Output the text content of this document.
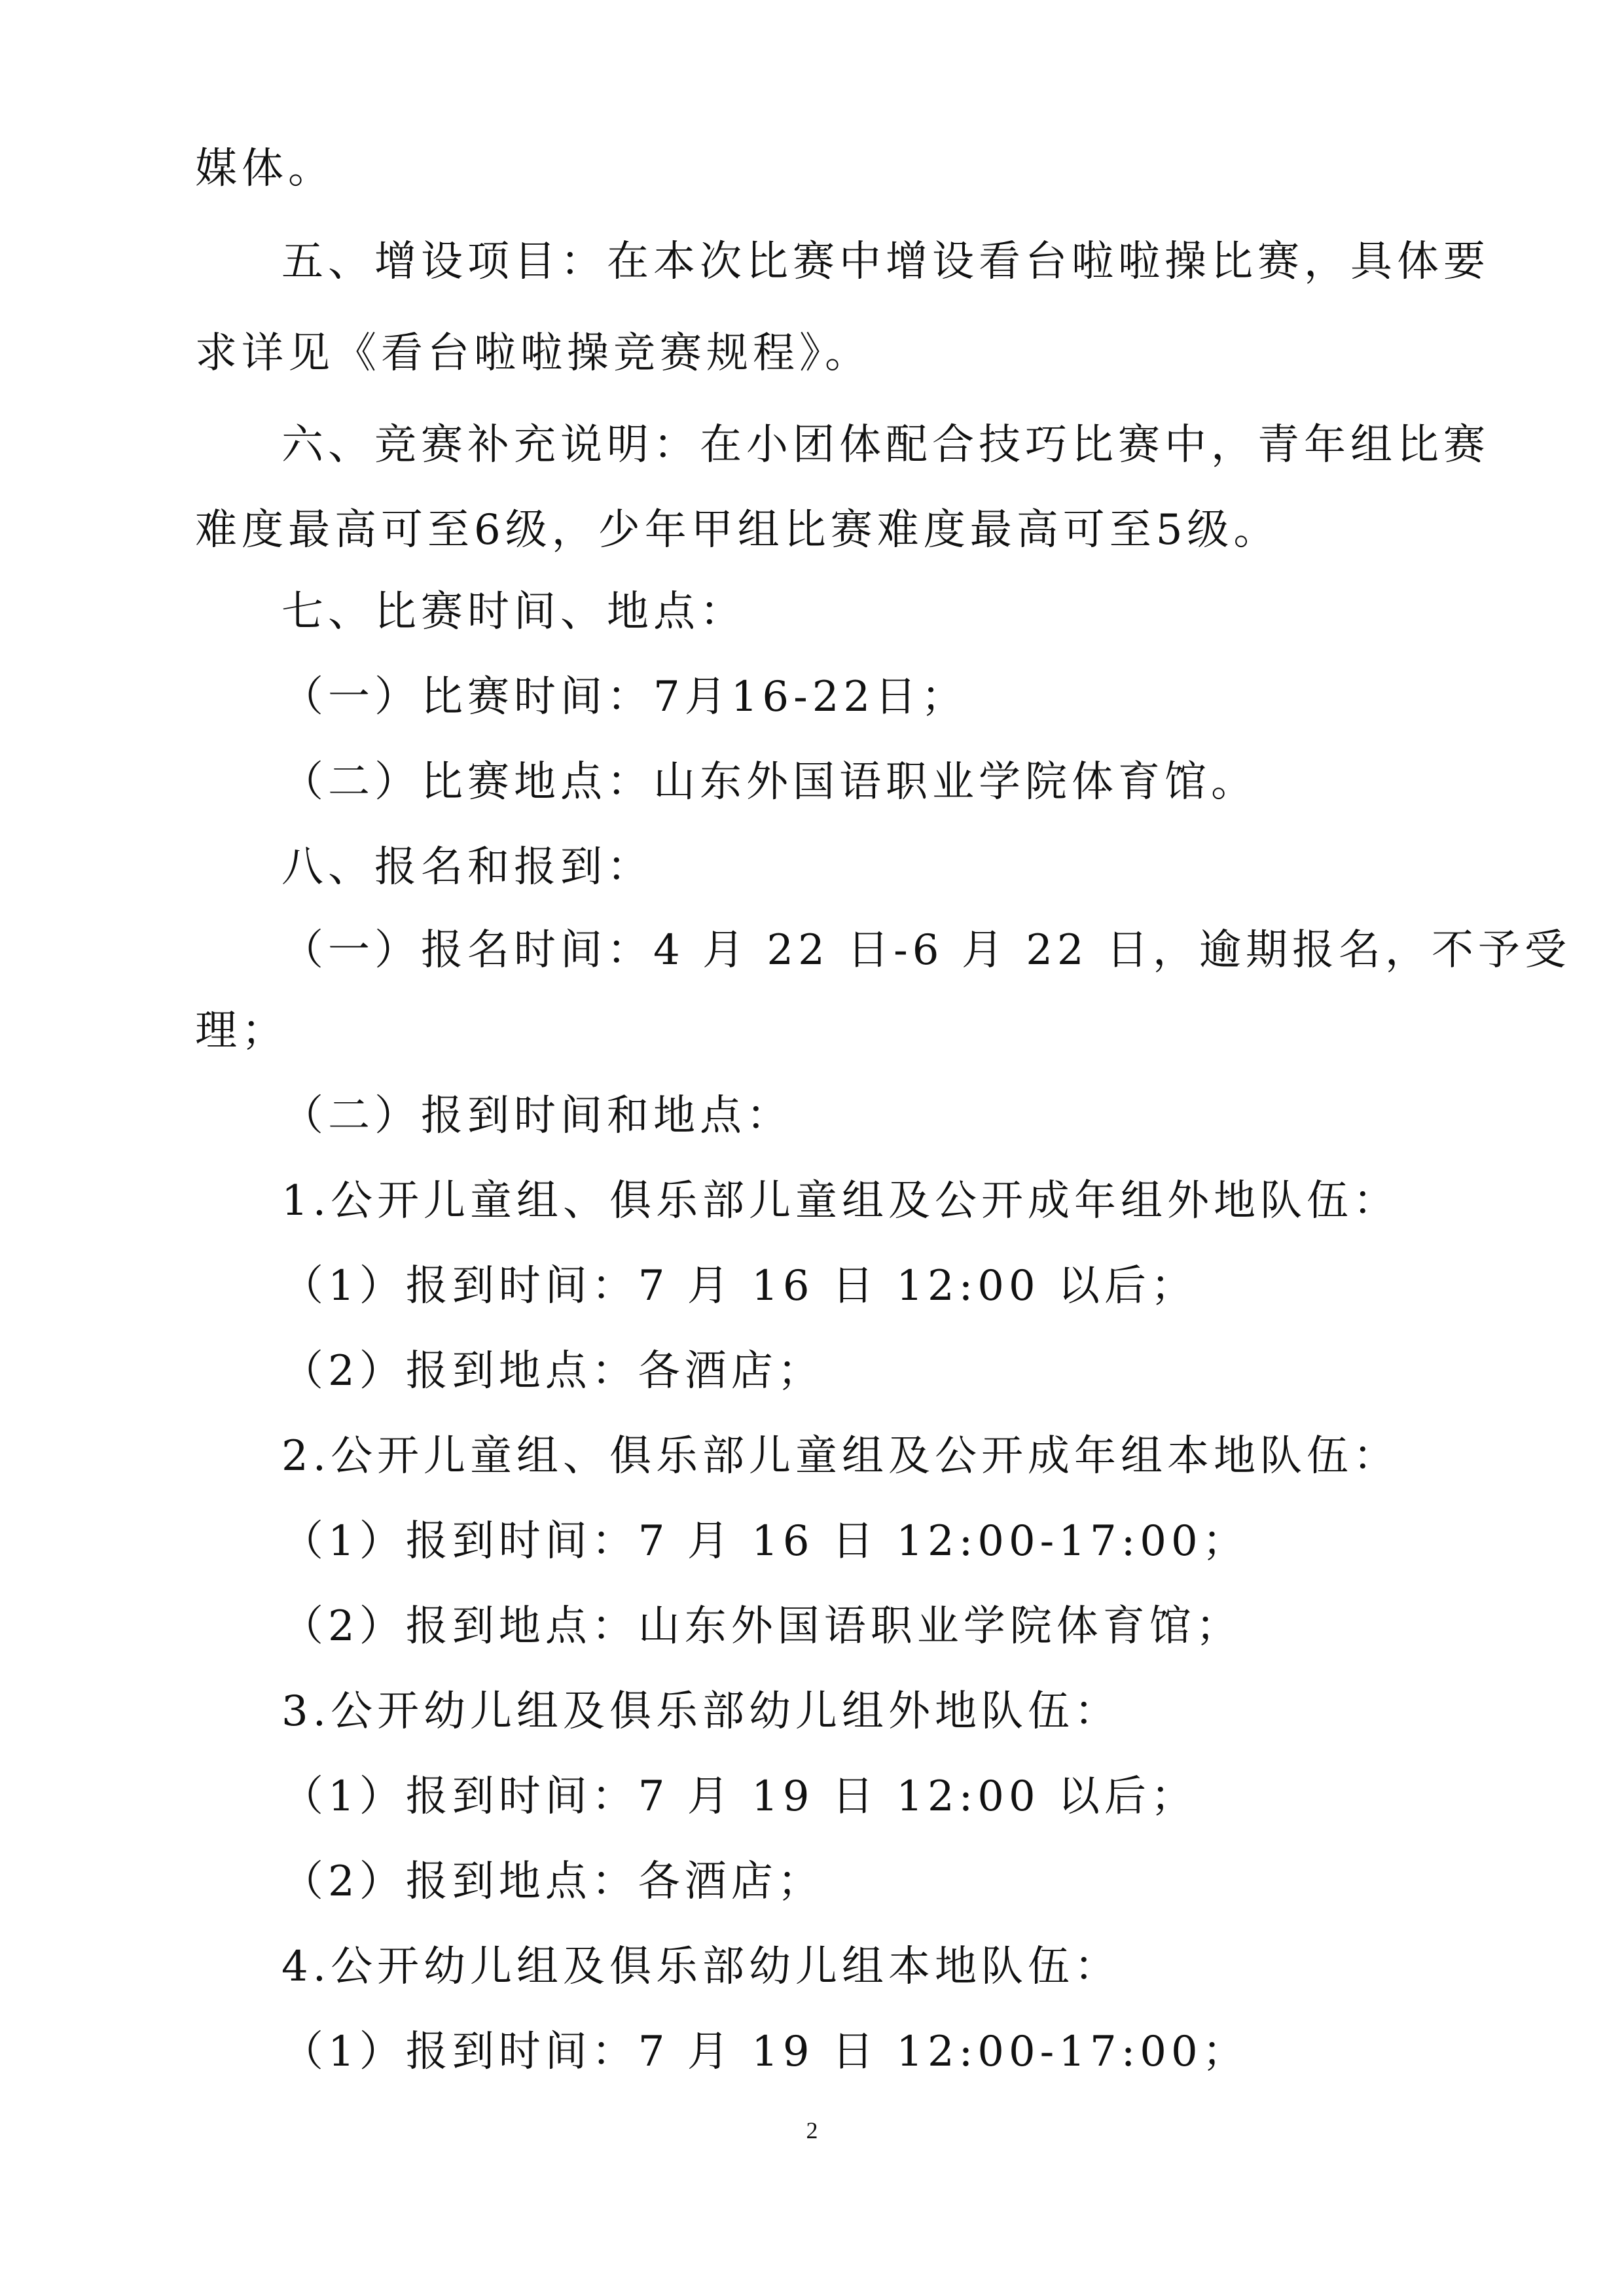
媒体。
五、增设项目：在本次比赛中增设看台啦啦操比赛，具体要
求详见《看台啦啦操竞赛规程》。
六、竞赛补充说明：在小团体配合技巧比赛中，青年组比赛
难度最高可至6级，少年甲组比赛难度最高可至5级。
七、比赛时间、地点：
（一）比赛时间：7月16-22日；
（二）比赛地点：山东外国语职业学院体育馆。
八、报名和报到：
（一）报名时间：4 月 22 日-6 月 22 日，逾期报名，不予受
理；
（二）报到时间和地点：
1.公开儿童组、俱乐部儿童组及公开成年组外地队伍：
（1）报到时间：7 月 16 日 12:00 以后；
（2）报到地点：各酒店；
2.公开儿童组、俱乐部儿童组及公开成年组本地队伍：
（1）报到时间：7 月 16 日 12:00-17:00；
（2）报到地点：山东外国语职业学院体育馆；
3.公开幼儿组及俱乐部幼儿组外地队伍：
（1）报到时间：7 月 19 日 12:00 以后；
（2）报到地点：各酒店；
4.公开幼儿组及俱乐部幼儿组本地队伍：
（1）报到时间：7 月 19 日 12:00-17:00；
2
